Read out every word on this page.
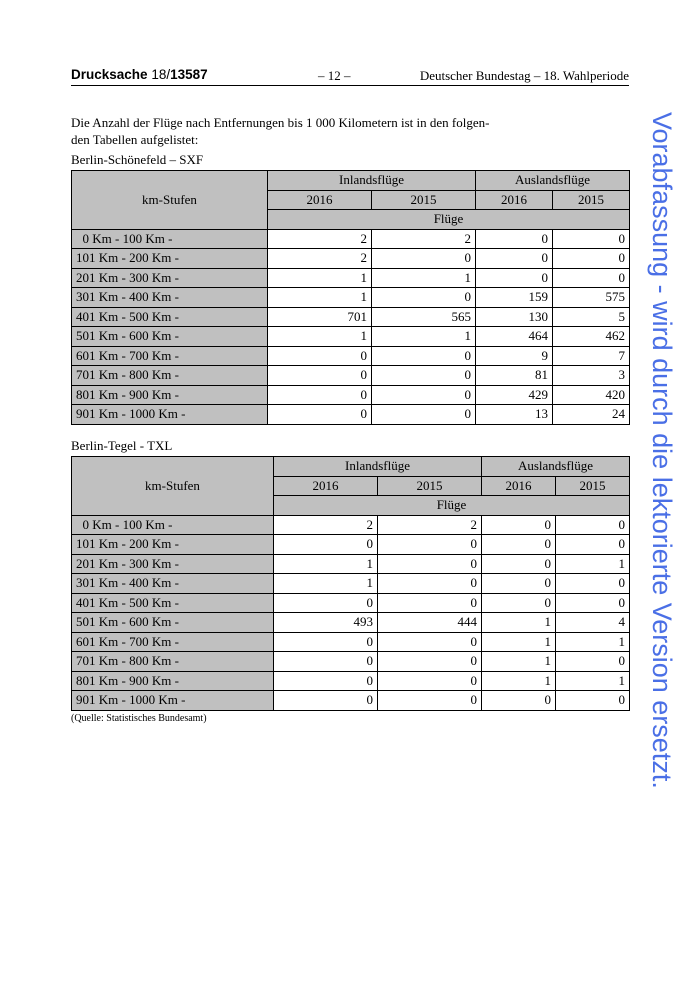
Drucksache 18/13587	– 12 –	Deutscher Bundestag – 18. Wahlperiode
Die Anzahl der Flüge nach Entfernungen bis 1 000 Kilometern ist in den folgen-den Tabellen aufgelistet:
Berlin-Schönefeld – SXF
km-Stufen	Inlandsflüge		Auslandsflüge	
	2016	2015	2016	2015
	Flüge			
0 Km - 100 Km -	2	2	0	0
101 Km - 200 Km -	2	0	0	0
201 Km - 300 Km -	1	1	0	0
301 Km - 400 Km -	1	0	159	575
401 Km - 500 Km -	701	565	130	5
501 Km - 600 Km -	1	1	464	462
601 Km - 700 Km -	0	0	9	7
701 Km - 800 Km -	0	0	81	3
801 Km - 900 Km -	0	0	429	420
901 Km - 1000 Km -	0	0	13	24
Berlin-Tegel - TXL
km-Stufen	Inlandsflüge		Auslandsflüge	
	2016	2015	2016	2015
	Flüge			
0 Km - 100 Km -	2	2	0	0
101 Km - 200 Km -	0	0	0	0
201 Km - 300 Km -	1	0	0	1
301 Km - 400 Km -	1	0	0	0
401 Km - 500 Km -	0	0	0	0
501 Km - 600 Km -	493	444	1	4
601 Km - 700 Km -	0	0	1	1
701 Km - 800 Km -	0	0	1	0
801 Km - 900 Km -	0	0	1	1
901 Km - 1000 Km -	0	0	0	0
(Quelle: Statistisches Bundesamt)	Vorabfassung - wird durch die lektorierte Version ersetzt.
